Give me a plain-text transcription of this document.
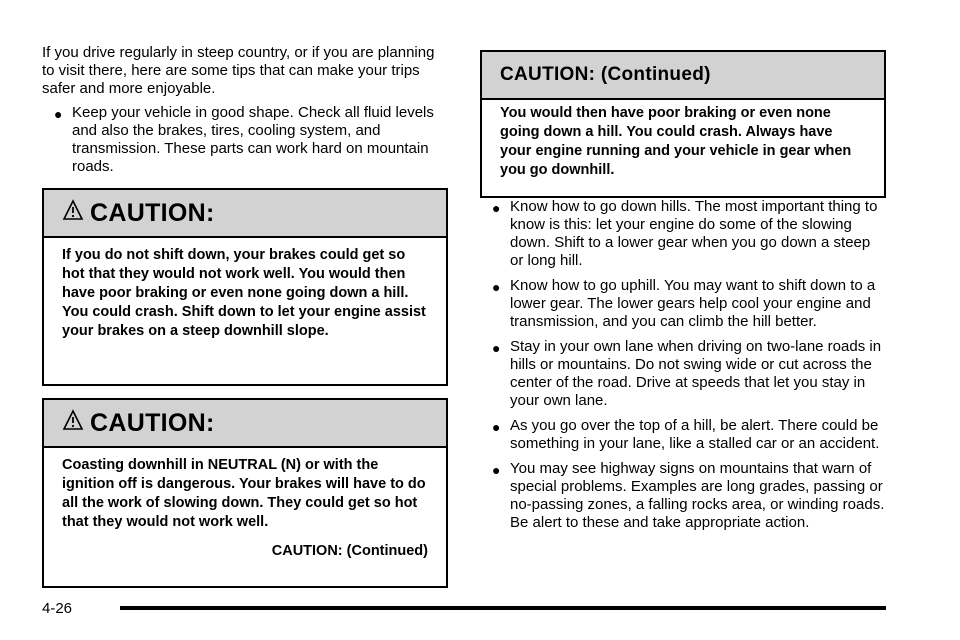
If you drive regularly in steep country, or if you are planning to visit there, here are some tips that can make your trips safer and more enjoyable.

● Keep your vehicle in good shape. Check all fluid levels and also the brakes, tires, cooling system, and transmission. These parts can work hard on mountain roads.
CAUTION:
If you do not shift down, your brakes could get so hot that they would not work well. You would then have poor braking or even none going down a hill. You could crash. Shift down to let your engine assist your brakes on a steep downhill slope.
CAUTION:
Coasting downhill in NEUTRAL (N) or with the ignition off is dangerous. Your brakes will have to do all the work of slowing down. They could get so hot that they would not work well.
CAUTION: (Continued)
CAUTION: (Continued)
You would then have poor braking or even none going down a hill. You could crash. Always have your engine running and your vehicle in gear when you go downhill.
● Know how to go down hills. The most important thing to know is this: let your engine do some of the slowing down. Shift to a lower gear when you go down a steep or long hill.
● Know how to go uphill. You may want to shift down to a lower gear. The lower gears help cool your engine and transmission, and you can climb the hill better.
● Stay in your own lane when driving on two-lane roads in hills or mountains. Do not swing wide or cut across the center of the road. Drive at speeds that let you stay in your own lane.
● As you go over the top of a hill, be alert. There could be something in your lane, like a stalled car or an accident.
● You may see highway signs on mountains that warn of special problems. Examples are long grades, passing or no-passing zones, a falling rocks area, or winding roads. Be alert to these and take appropriate action.
4-26
